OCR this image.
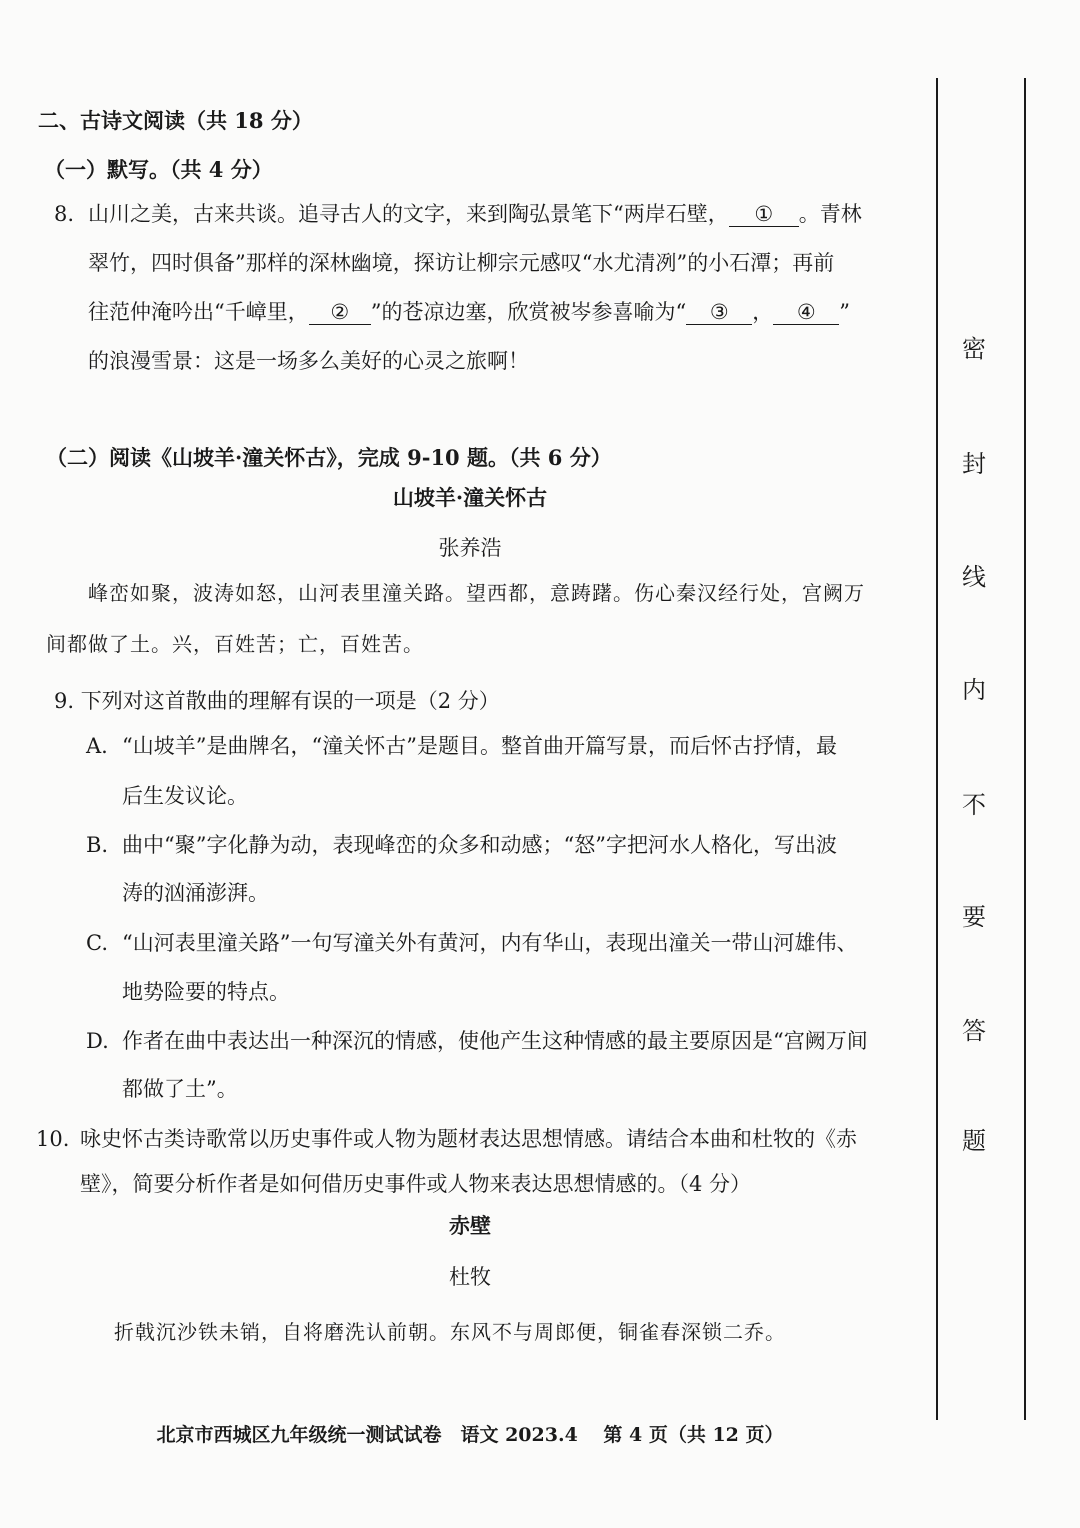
二、古诗文阅读（共 18 分）
（一）默写。（共 4 分）
8. 山川之美，古来共谈。追寻古人的文字，来到陶弘景笔下“两岸石壁， ① 。青林
翠竹，四时俱备”那样的深林幽境，探访让柳宗元感叹“水尤清冽”的小石潭；再前
往范仲淹吟出“千嶂里， ② ”的苍凉边塞，欣赏被岑参喜喻为“ ③ ， ④ ”
的浪漫雪景：这是一场多么美好的心灵之旅啊！
（二）阅读《山坡羊·潼关怀古》，完成 9-10 题。（共 6 分）
山坡羊·潼关怀古
张养浩
峰峦如聚，波涛如怒，山河表里潼关路。望西都，意踌躇。伤心秦汉经行处，宫阙万
间都做了土。兴，百姓苦；亡，百姓苦。
9. 下列对这首散曲的理解有误的一项是（2 分）
A. “山坡羊”是曲牌名，“潼关怀古”是题目。整首曲开篇写景，而后怀古抒情，最
后生发议论。
B. 曲中“聚”字化静为动，表现峰峦的众多和动感；“怒”字把河水人格化，写出波
涛的汹涌澎湃。
C. “山河表里潼关路”一句写潼关外有黄河，内有华山，表现出潼关一带山河雄伟、
地势险要的特点。
D. 作者在曲中表达出一种深沉的情感，使他产生这种情感的最主要原因是“宫阙万间
都做了土”。
10. 咏史怀古类诗歌常以历史事件或人物为题材表达思想情感。请结合本曲和杜牧的《赤
壁》，简要分析作者是如何借历史事件或人物来表达思想情感的。（4 分）
赤壁
杜牧
折戟沉沙铁未销，自将磨洗认前朝。东风不与周郎便，铜雀春深锁二乔。
密
封
线
内
不
要
答
题
北京市西城区九年级统一测试试卷　语文 2023.4　 第 4 页（共 12 页）
